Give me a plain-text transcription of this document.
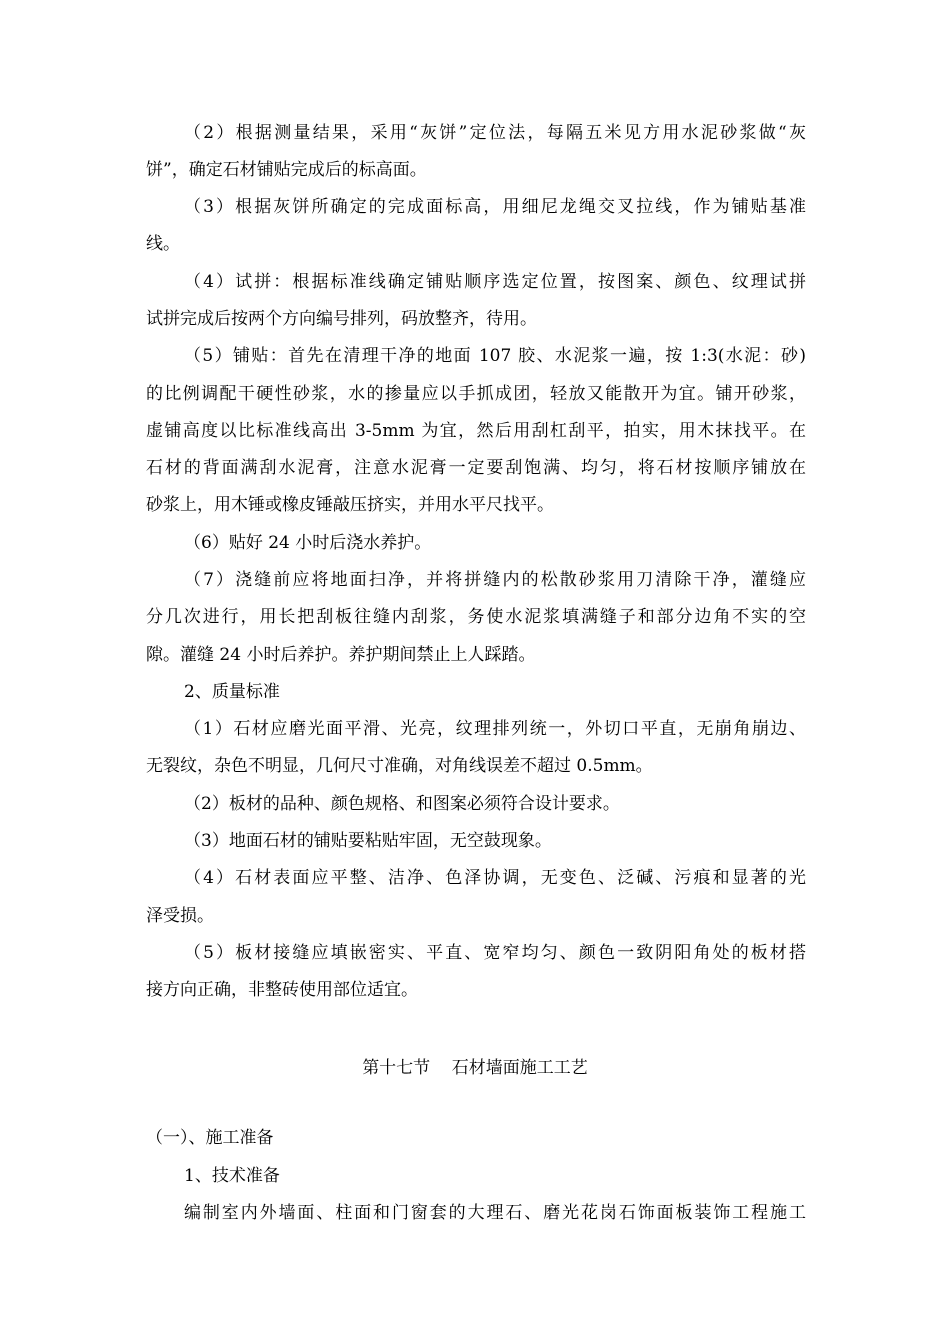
（2）根据测量结果，采用“灰饼”定位法，每隔五米见方用水泥砂浆做“灰
饼”，确定石材铺贴完成后的标高面。
（3）根据灰饼所确定的完成面标高，用细尼龙绳交叉拉线，作为铺贴基准
线。
（4）试拼：根据标准线确定铺贴顺序选定位置，按图案、颜色、纹理试拼
试拼完成后按两个方向编号排列，码放整齐，待用。
（5）铺贴：首先在清理干净的地面 107 胶、水泥浆一遍，按 1:3(水泥：砂)
的比例调配干硬性砂浆，水的掺量应以手抓成团，轻放又能散开为宜。铺开砂浆，
虚铺高度以比标准线高出 3-5mm 为宜，然后用刮杠刮平，拍实，用木抹找平。在
石材的背面满刮水泥膏，注意水泥膏一定要刮饱满、均匀，将石材按顺序铺放在
砂浆上，用木锤或橡皮锤敲压挤实，并用水平尺找平。
（6）贴好 24 小时后浇水养护。
（7）浇缝前应将地面扫净，并将拼缝内的松散砂浆用刀清除干净，灌缝应
分几次进行，用长把刮板往缝内刮浆，务使水泥浆填满缝子和部分边角不实的空
隙。灌缝 24 小时后养护。养护期间禁止上人踩踏。
2、质量标准
（1）石材应磨光面平滑、光亮，纹理排列统一，外切口平直，无崩角崩边、
无裂纹，杂色不明显，几何尺寸准确，对角线误差不超过 0.5mm。
（2）板材的品种、颜色规格、和图案必须符合设计要求。
（3）地面石材的铺贴要粘贴牢固，无空鼓现象。
（4）石材表面应平整、洁净、色泽协调，无变色、泛碱、污痕和显著的光
泽受损。
（5）板材接缝应填嵌密实、平直、宽窄均匀、颜色一致阴阳角处的板材搭
接方向正确，非整砖使用部位适宜。
第十七节    石材墙面施工工艺
（一）、施工准备
1、技术准备
编制室内外墙面、柱面和门窗套的大理石、磨光花岗石饰面板装饰工程施工
